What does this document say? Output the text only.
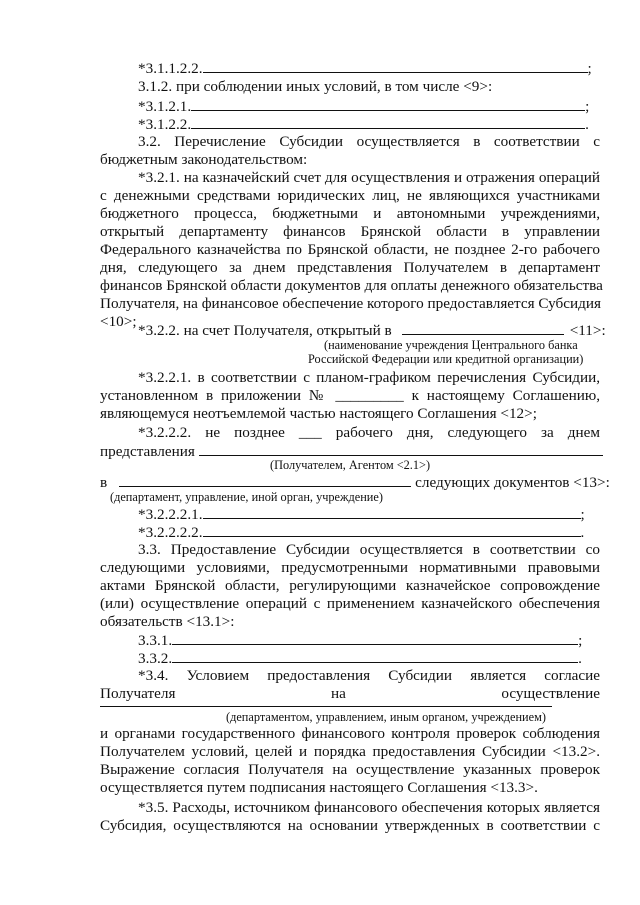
*3.1.1.2.2.	;
3.1.2. при соблюдении иных условий, в том числе <9>:
*3.1.2.1.	;
*3.1.2.2.	.
3.2. Перечисление Субсидии осуществляется в соответствии с
бюджетным законодательством:
*3.2.1. на казначейский счет для осуществления и отражения операций
с денежными средствами юридических лиц, не являющихся участниками
бюджетного процесса, бюджетными и автономными учреждениями,
открытый департаменту финансов Брянской области в управлении
Федерального казначейства по Брянской области, не позднее 2-го рабочего
дня, следующего за днем представления Получателем в департамент
финансов Брянской области документов для оплаты денежного обязательства
Получателя, на финансовое обеспечение которого предоставляется Субсидия
<10>;
*3.2.2. на счет Получателя, открытый в	<11>:
(наименование учреждения Центрального банка
Российской Федерации или кредитной организации)
*3.2.2.1. в соответствии с планом-графиком перечисления Субсидии,
установленном в приложении № _________ к настоящему Соглашению,
являющемуся неотъемлемой частью настоящего Соглашения <12>;
*3.2.2.2. не позднее ___ рабочего дня, следующего за днем
представления
(Получателем, Агентом <2.1>)
в	следующих документов <13>:
(департамент, управление, иной орган, учреждение)
*3.2.2.2.1.	;
*3.2.2.2.2.	.
3.3. Предоставление Субсидии осуществляется в соответствии со
следующими условиями, предусмотренными нормативными правовыми
актами Брянской области, регулирующими казначейское сопровождение
(или) осуществление операций с применением казначейского обеспечения
обязательств <13.1>:
3.3.1.	;
3.3.2.	.
*3.4. Условием предоставления Субсидии является согласие
Получателя на осуществление
(департаментом, управлением, иным органом, учреждением)
и органами государственного финансового контроля проверок соблюдения
Получателем условий, целей и порядка предоставления Субсидии <13.2>.
Выражение согласия Получателя на осуществление указанных проверок
осуществляется путем подписания настоящего Соглашения <13.3>.
*3.5. Расходы, источником финансового обеспечения которых является
Субсидия, осуществляются на основании утвержденных в соответствии с
